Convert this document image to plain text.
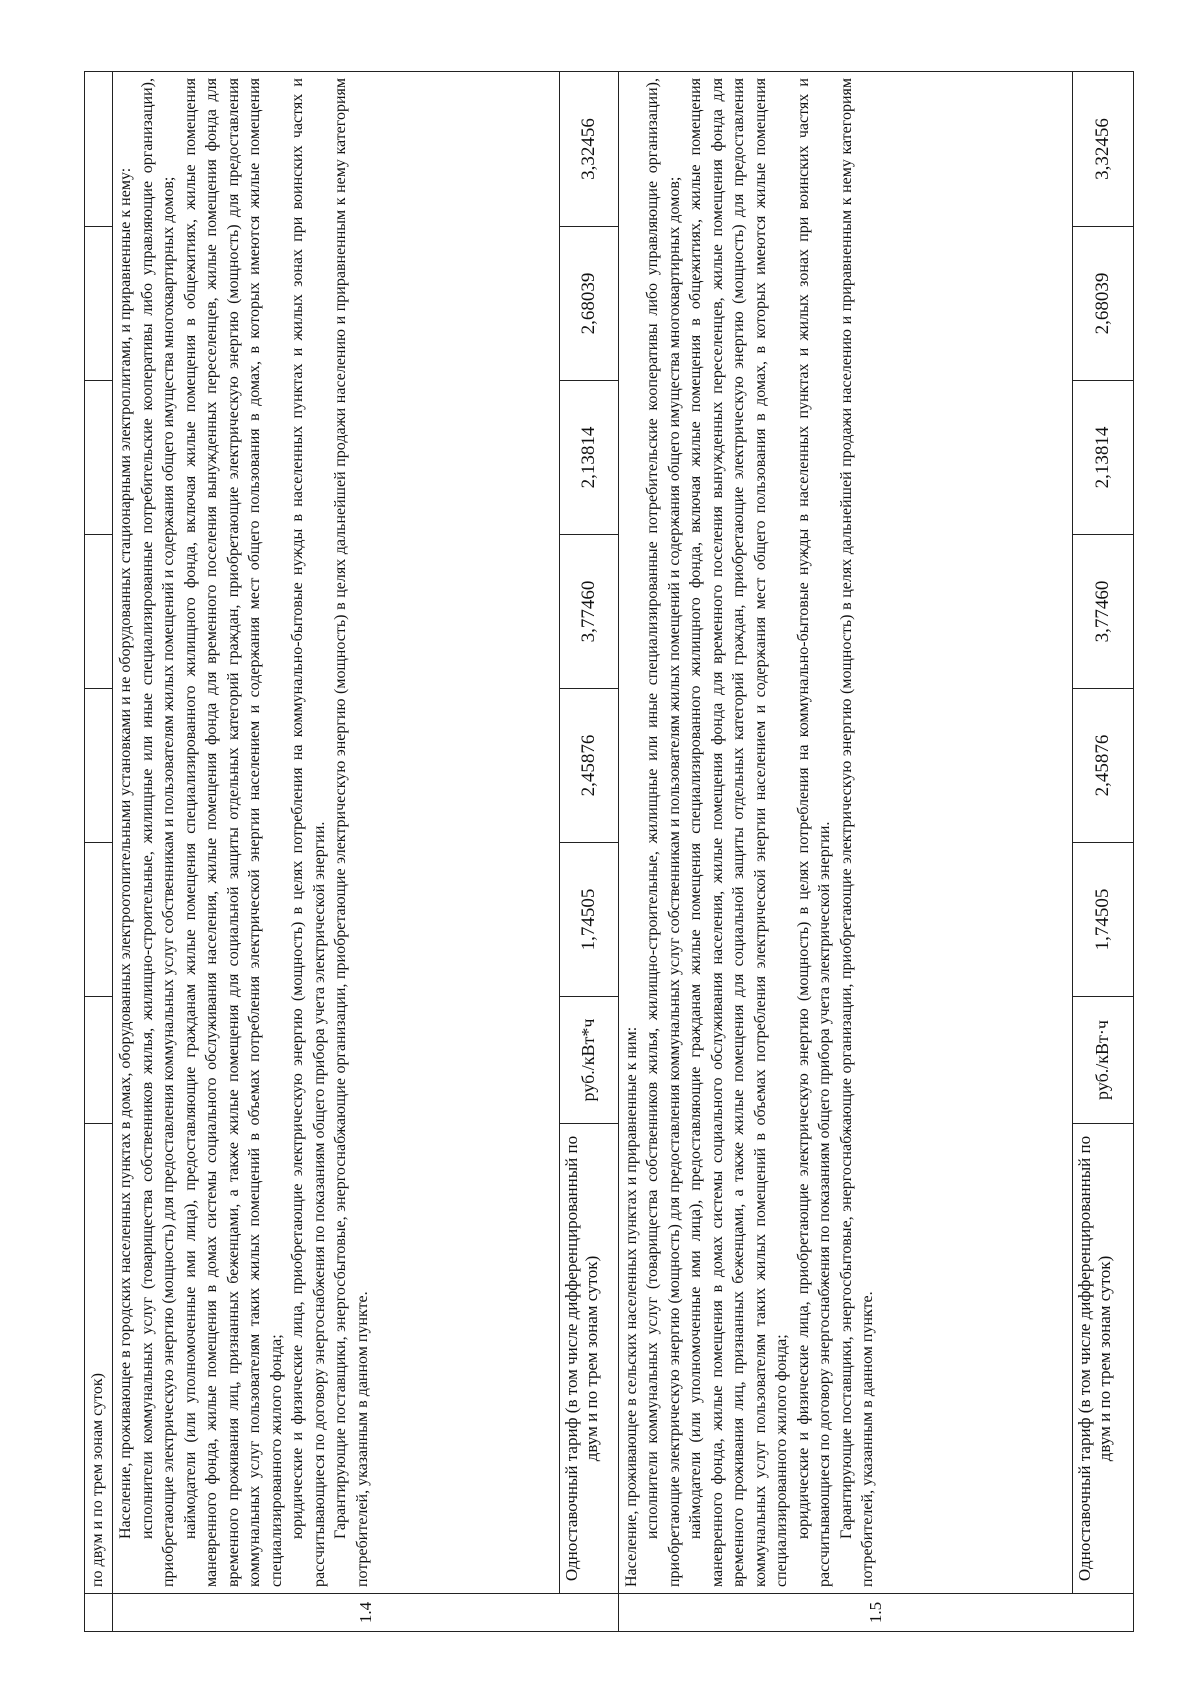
	по двум и по трем зонам суток)							
1.4	Население, проживающее в городских населенных пунктах в домах, оборудованных электроотопительными установками и не оборудованных стационарными электроплитами, и приравненные к нему: исполнители коммунальных услуг (товарищества собственников жилья, жилищно-строительные, жилищные или иные специализированные потребительские кооперативы либо управляющие организации), приобретающие электрическую энергию (мощность) для предоставления коммунальных услуг собственникам и пользователям жилых помещений и содержания общего имущества многоквартирных домов; наймодатели (или уполномоченные ими лица), предоставляющие гражданам жилые помещения специализированного жилищного фонда, включая жилые помещения в общежитиях, жилые помещения маневренного фонда, жилые помещения в домах системы социального обслуживания населения, жилые помещения фонда для временного поселения вынужденных переселенцев, жилые помещения фонда для временного проживания лиц, признанных беженцами, а также жилые помещения для социальной защиты отдельных категорий граждан, приобретающие электрическую энергию (мощность) для предоставления коммунальных услуг пользователям таких жилых помещений в объемах потребления электрической энергии населением и содержания мест общего пользования в домах, в которых имеются жилые помещения специализированного жилого фонда; юридические и физические лица, приобретающие электрическую энергию (мощность) в целях потребления на коммунально-бытовые нужды в населенных пунктах и жилых зонах при воинских частях и рассчитывающиеся по договору энергоснабжения по показаниям общего прибора учета электрической энергии. Гарантирующие поставщики, энергосбытовые, энергоснабжающие организации, приобретающие электрическую энергию (мощность) в целях дальнейшей продажи населению и приравненным к нему категориям потребителей, указанным в данном пункте.							

	Одноставочный тариф (в том числе дифференцированный по двум и по трем зонам суток)	руб./кВт*ч	1,74505	2,45876	3,77460	2,13814	2,68039	3,32456
1.5	Население, проживающее в сельских населенных пунктах и приравненные к ним: исполнители коммунальных услуг (товарищества собственников жилья, жилищно-строительные, жилищные или иные специализированные потребительские кооперативы либо управляющие организации), приобретающие электрическую энергию (мощность) для предоставления коммунальных услуг собственникам и пользователям жилых помещений и содержания общего имущества многоквартирных домов; наймодатели (или уполномоченные ими лица), предоставляющие гражданам жилые помещения специализированного жилищного фонда, включая жилые помещения в общежитиях, жилые помещения маневренного фонда, жилые помещения в домах системы социального обслуживания населения, жилые помещения фонда для временного поселения вынужденных переселенцев, жилые помещения фонда для временного проживания лиц, признанных беженцами, а также жилые помещения для социальной защиты отдельных категорий граждан, приобретающие электрическую энергию (мощность) для предоставления коммунальных услуг пользователям таких жилых помещений в объемах потребления электрической энергии населением и содержания мест общего пользования в домах, в которых имеются жилые помещения специализированного жилого фонда; юридические и физические лица, приобретающие электрическую энергию (мощность) в целях потребления на коммунально-бытовые нужды в населенных пунктах и жилых зонах при воинских частях и рассчитывающиеся по договору энергоснабжения по показаниям общего прибора учета электрической энергии. Гарантирующие поставщики, энергосбытовые, энергоснабжающие организации, приобретающие электрическую энергию (мощность) в целях дальнейшей продажи населению и приравненным к нему категориям потребителей, указанным в данном пункте.							

	Одноставочный тариф (в том числе дифференцированный по двум и по трем зонам суток)	руб./кВт·ч	1,74505	2,45876	3,77460	2,13814	2,68039	3,32456
